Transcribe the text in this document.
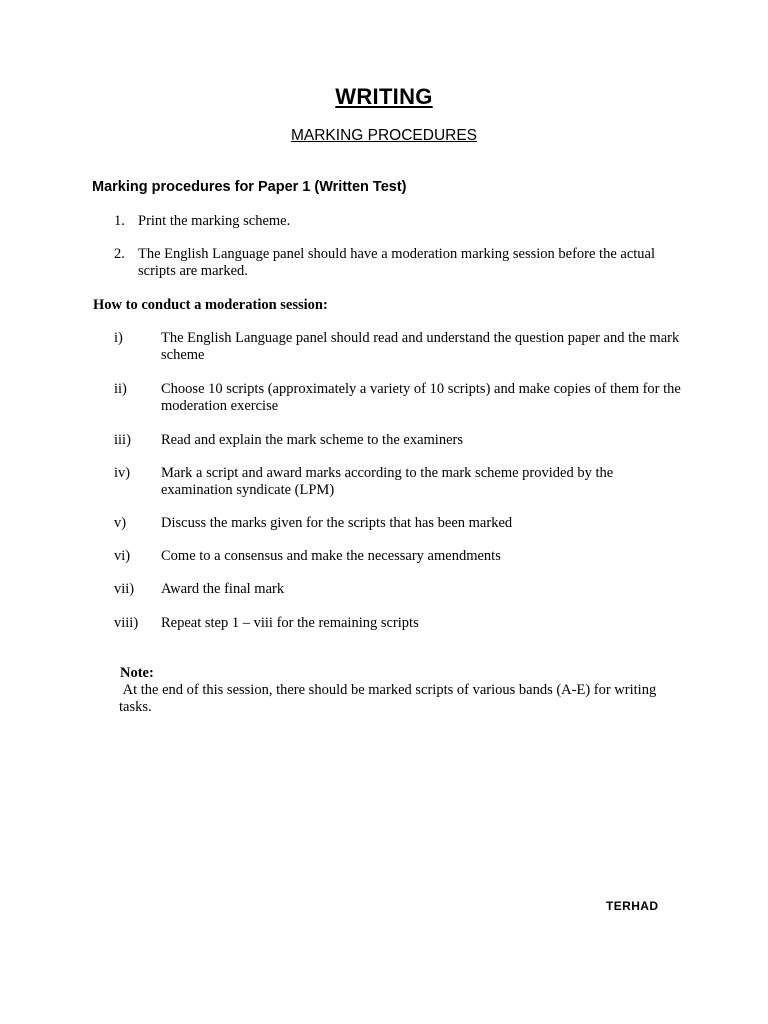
WRITING
MARKING PROCEDURES
Marking procedures for Paper 1 (Written Test)
1. Print the marking scheme.
2. The English Language panel should have a moderation marking session before the actual scripts are marked.
How to conduct a moderation session:
i)	The English Language panel should read and understand the question paper and the mark scheme
ii)	Choose 10 scripts (approximately a variety of 10 scripts) and make copies of them for the moderation exercise
iii)	Read and explain the mark scheme to the examiners
iv)	Mark a script and award marks according to the mark scheme provided by the examination syndicate (LPM)
v)	Discuss the marks given for the scripts that has been marked
vi)	Come to a consensus and make the necessary amendments
vii)	Award the final mark
viii)	Repeat step 1 – viii for the remaining scripts
Note:
At the end of this session, there should be marked scripts of various bands (A-E) for writing tasks.
TERHAD
